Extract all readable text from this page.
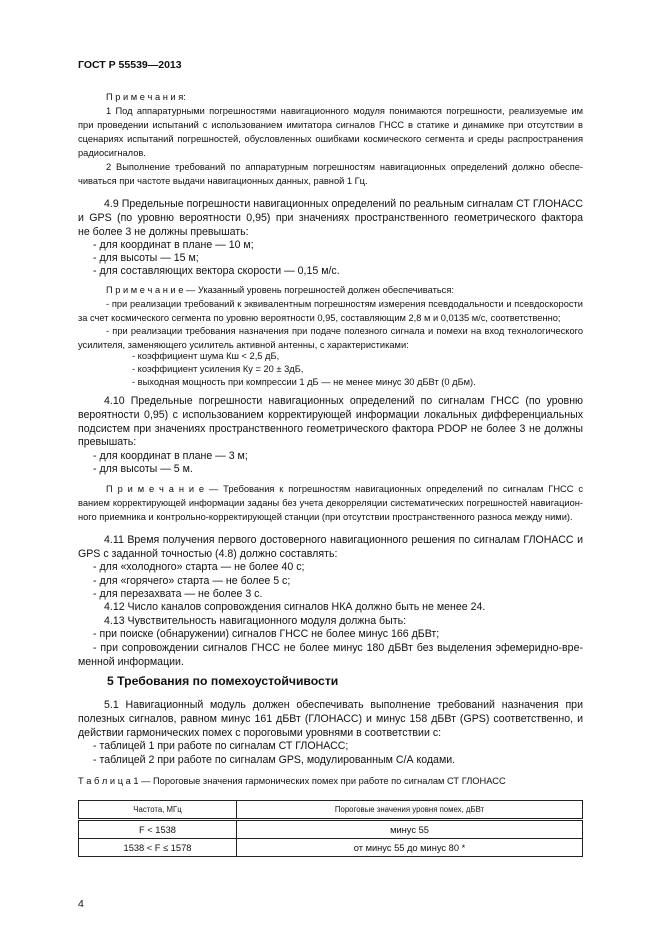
ГОСТ Р 55539—2013
П р и м е ч а н и я:
1 Под аппаратурными погрешностями навигационного модуля понимаются погрешности, реализуемые им
при проведении испытаний с использованием имитатора сигналов ГНСС в статике и динамике при отсутствии в
сценариях испытаний погрешностей, обусловленных ошибками космического сегмента и среды распространения
радиосигналов.
2 Выполнение требований по аппаратурным погрешностям навигационных определений должно обеспе-
чиваться при частоте выдачи навигационных данных, равной 1 Гц.
4.9 Предельные погрешности навигационных определений по реальным сигналам СТ ГЛОНАСС
и GPS (по уровню вероятности 0,95) при значениях пространственного геометрического фактора
не более 3 не должны превышать:
- для координат в плане — 10 м;
- для высоты — 15 м;
- для составляющих вектора скорости — 0,15 м/с.
П р и м е ч а н и е — Указанный уровень погрешностей должен обеспечиваться:
- при реализации требований к эквивалентным погрешностям измерения псевдодальности и псевдоскорости
за счет космического сегмента по уровню вероятности 0,95, составляющим 2,8 м и 0,0135 м/с, соответственно;
- при реализации требования назначения при подаче полезного сигнала и помехи на вход технологического
усилителя, заменяющего усилитель активной антенны, с характеристиками:
- коэффициент шума Кш < 2,5 дБ,
- коэффициент усиления Ку = 20 ± 3дБ,
- выходная мощность при компрессии 1 дБ — не менее минус 30 дБВт (0 дБм).
4.10 Предельные погрешности навигационных определений по сигналам ГНСС (по уровню
вероятности 0,95) с использованием корректирующей информации локальных дифференциальных
подсистем при значениях пространственного геометрического фактора PDOP не более 3 не должны
превышать:
- для координат в плане — 3 м;
- для высоты — 5 м.
П р и м е ч а н и е — Требования к погрешностям навигационных определений по сигналам ГНСС с
ванием корректирующей информации заданы без учета декорреляции систематических погрешностей навигацион-
ного приемника и контрольно-корректирующей станции (при отсутствии пространственного разноса между ними).
4.11 Время получения первого достоверного навигационного решения по сигналам ГЛОНАСС и
GPS с заданной точностью (4.8) должно составлять:
- для «холодного» старта — не более 40 с;
- для «горячего» старта — не более 5 с;
- для перезахвата — не более 3 с.
4.12 Число каналов сопровождения сигналов НКА должно быть не менее 24.
4.13 Чувствительность навигационного модуля должна быть:
- при поиске (обнаружении) сигналов ГНСС не более минус 166 дБВт;
- при сопровождении сигналов ГНСС не более минус 180 дБВт без выделения эфемеридно-вре-
менной информации.
5 Требования по помехоустойчивости
5.1 Навигационный модуль должен обеспечивать выполнение требований назначения при
полезных сигналов, равном минус 161 дБВт (ГЛОНАСС) и минус 158 дБВт (GPS) соответственно, и
действии гармонических помех с пороговыми уровнями в соответствии с:
- таблицей 1 при работе по сигналам СТ ГЛОНАСС;
- таблицей 2 при работе по сигналам GPS, модулированным С/А кодами.
Т а б л и ц а 1 — Пороговые значения гармонических помех при работе по сигналам СТ ГЛОНАСС
Частота, МГц	Пороговые значения уровня помех, дБВт
F < 1538	минус 55
1538 < F ≤ 1578	от минус 55 до минус 80 *
4
